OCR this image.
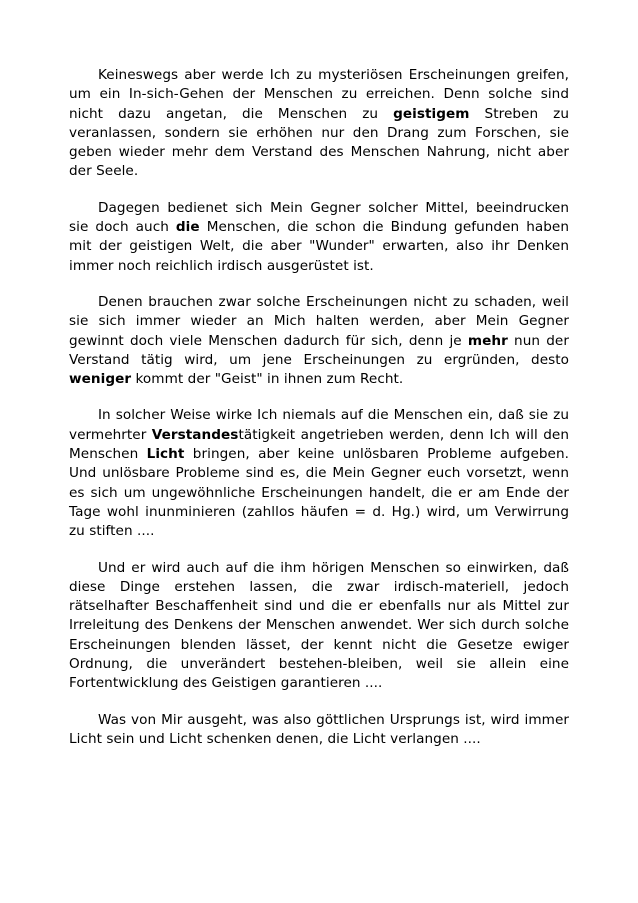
Keineswegs aber werde Ich zu mysteriösen Erscheinungen greifen, um ein In-sich-Gehen der Menschen zu erreichen. Denn solche sind nicht dazu angetan, die Menschen zu geistigem Streben zu veranlassen, sondern sie erhöhen nur den Drang zum Forschen, sie geben wieder mehr dem Verstand des Menschen Nahrung, nicht aber der Seele.

Dagegen bedienet sich Mein Gegner solcher Mittel, beeindrucken sie doch auch die Menschen, die schon die Bindung gefunden haben mit der geistigen Welt, die aber "Wunder" erwarten, also ihr Denken immer noch reichlich irdisch ausgerüstet ist.

Denen brauchen zwar solche Erscheinungen nicht zu schaden, weil sie sich immer wieder an Mich halten werden, aber Mein Gegner gewinnt doch viele Menschen dadurch für sich, denn je mehr nun der Verstand tätig wird, um jene Erscheinungen zu ergründen, desto weniger kommt der "Geist" in ihnen zum Recht.

In solcher Weise wirke Ich niemals auf die Menschen ein, daß sie zu vermehrter Verstandestätigkeit angetrieben werden, denn Ich will den Menschen Licht bringen, aber keine unlösbaren Probleme aufgeben. Und unlösbare Probleme sind es, die Mein Gegner euch vorsetzt, wenn es sich um ungewöhnliche Erscheinungen handelt, die er am Ende der Tage wohl inunminieren (zahllos häufen = d. Hg.) wird, um Verwirrung zu stiften ....

Und er wird auch auf die ihm hörigen Menschen so einwirken, daß diese Dinge erstehen lassen, die zwar irdisch-materiell, jedoch rätselhafter Beschaffenheit sind und die er ebenfalls nur als Mittel zur Irreleitung des Denkens der Menschen anwendet. Wer sich durch solche Erscheinungen blenden lässet, der kennt nicht die Gesetze ewiger Ordnung, die unverändert bestehen-bleiben, weil sie allein eine Fortentwicklung des Geistigen garantieren ....

Was von Mir ausgeht, was also göttlichen Ursprungs ist, wird immer Licht sein und Licht schenken denen, die Licht verlangen ....
